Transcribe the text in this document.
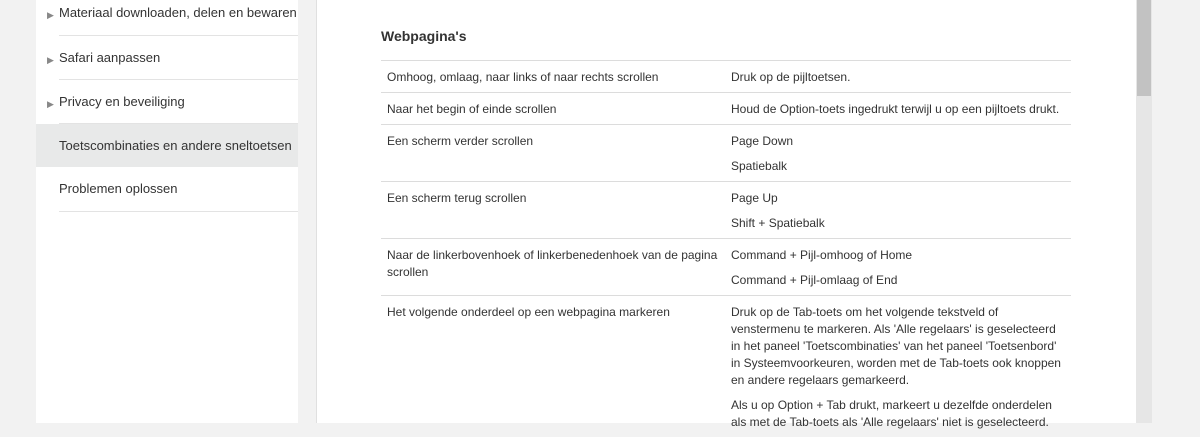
▶ Materiaal downloaden, delen en bewaren
▶ Safari aanpassen
▶ Privacy en beveiliging
Toetscombinaties en andere sneltoetsen
Problemen oplossen
Webpagina's
Omhoog, omlaag, naar links of naar rechts scrollen	Druk op de pijltoetsen.

Naar het begin of einde scrollen	Houd de Option-toets ingedrukt terwijl u op een pijltoets drukt.

Een scherm verder scrollen	Page Down

Spatiebalk

Een scherm terug scrollen	Page Up

Shift + Spatiebalk

Naar de linkerbovenhoek of linkerbenedenhoek van de pagina scrollen	Command + Pijl-omhoog of Home

Command + Pijl-omlaag of End

Het volgende onderdeel op een webpagina markeren	Druk op de Tab-toets om het volgende tekstveld of venstermenu te markeren. Als 'Alle regelaars' is geselecteerd in het paneel 'Toetscombinaties' van het paneel 'Toetsenbord' in Systeemvoorkeuren, worden met de Tab-toets ook knoppen en andere regelaars gemarkeerd.

Als u op Option + Tab drukt, markeert u dezelfde onderdelen als met de Tab-toets als 'Alle regelaars' niet is geselecteerd.
